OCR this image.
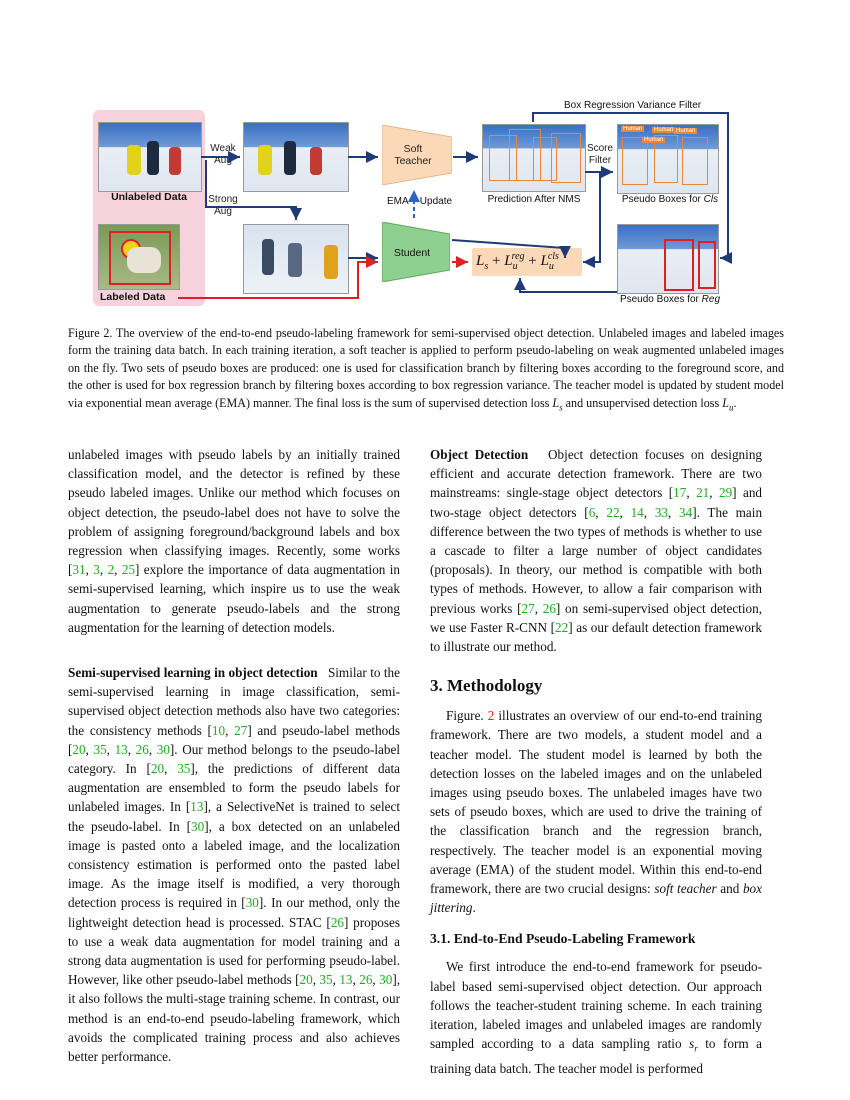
Unlabeled Data
Labeled Data
Weak
Aug
Strong
Aug
Soft
Teacher
Student
EMA Update	Prediction After NMS
Score
Filter
Human	Human Human
Human
Pseudo Boxes for Cls
Pseudo Boxes for Reg
Box Regression Variance Filter
$L_s + L_u^{reg} + L_u^{cls}$
Figure 2. The overview of the end-to-end pseudo-labeling framework for semi-supervised object detection. Unlabeled images and labeled images form the training data batch. In each training iteration, a soft teacher is applied to perform pseudo-labeling on weak augmented unlabeled images on the fly. Two sets of pseudo boxes are produced: one is used for classification branch by filtering boxes according to the foreground score, and the other is used for box regression branch by filtering boxes according to box regression variance. The teacher model is updated by student model via exponential mean average (EMA) manner. The final loss is the sum of supervised detection loss $L_s$ and unsupervised detection loss $L_u$.

unlabeled images with pseudo labels by an initially trained classification model, and the detector is refined by these pseudo labeled images. Unlike our method which focuses on object detection, the pseudo-label does not have to solve the problem of assigning foreground/background labels and box regression when classifying images. Recently, some works [31, 3, 2, 25] explore the importance of data augmentation in semi-supervised learning, which inspire us to use the weak augmentation to generate pseudo-labels and the strong augmentation for the learning of detection models.

Semi-supervised learning in object detection Similar to the semi-supervised learning in image classification, semi-supervised object detection methods also have two categories: the consistency methods [10, 27] and pseudo-label methods [20, 35, 13, 26, 30]. Our method belongs to the pseudo-label category. In [20, 35], the predictions of different data augmentation are ensembled to form the pseudo labels for unlabeled images. In [13], a SelectiveNet is trained to select the pseudo-label. In [30], a box detected on an unlabeled image is pasted onto a labeled image, and the localization consistency estimation is performed onto the pasted label image. As the image itself is modified, a very thorough detection process is required in [30]. In our method, only the lightweight detection head is processed. STAC [26] proposes to use a weak data augmentation for model training and a strong data augmentation is used for performing pseudo-label. However, like other pseudo-label methods [20, 35, 13, 26, 30], it also follows the multi-stage training scheme. In contrast, our method is an end-to-end pseudo-labeling framework, which avoids the complicated training process and also achieves better performance.

Object Detection Object detection focuses on designing efficient and accurate detection framework. There are two mainstreams: single-stage object detectors [17, 21, 29] and two-stage object detectors [6, 22, 14, 33, 34]. The main difference between the two types of methods is whether to use a cascade to filter a large number of object candidates (proposals). In theory, our method is compatible with both types of methods. However, to allow a fair comparison with previous works [27, 26] on semi-supervised object detection, we use Faster R-CNN [22] as our default detection framework to illustrate our method.

3. Methodology

Figure. 2 illustrates an overview of our end-to-end training framework. There are two models, a student model and a teacher model. The student model is learned by both the detection losses on the labeled images and on the unlabeled images using pseudo boxes. The unlabeled images have two sets of pseudo boxes, which are used to drive the training of the classification branch and the regression branch, respectively. The teacher model is an exponential moving average (EMA) of the student model. Within this end-to-end framework, there are two crucial designs: soft teacher and box jittering.

3.1. End-to-End Pseudo-Labeling Framework

We first introduce the end-to-end framework for pseudo-label based semi-supervised object detection. Our approach follows the teacher-student training scheme. In each training iteration, labeled images and unlabeled images are randomly sampled according to a data sampling ratio $s_r$ to form a training data batch. The teacher model is performed
